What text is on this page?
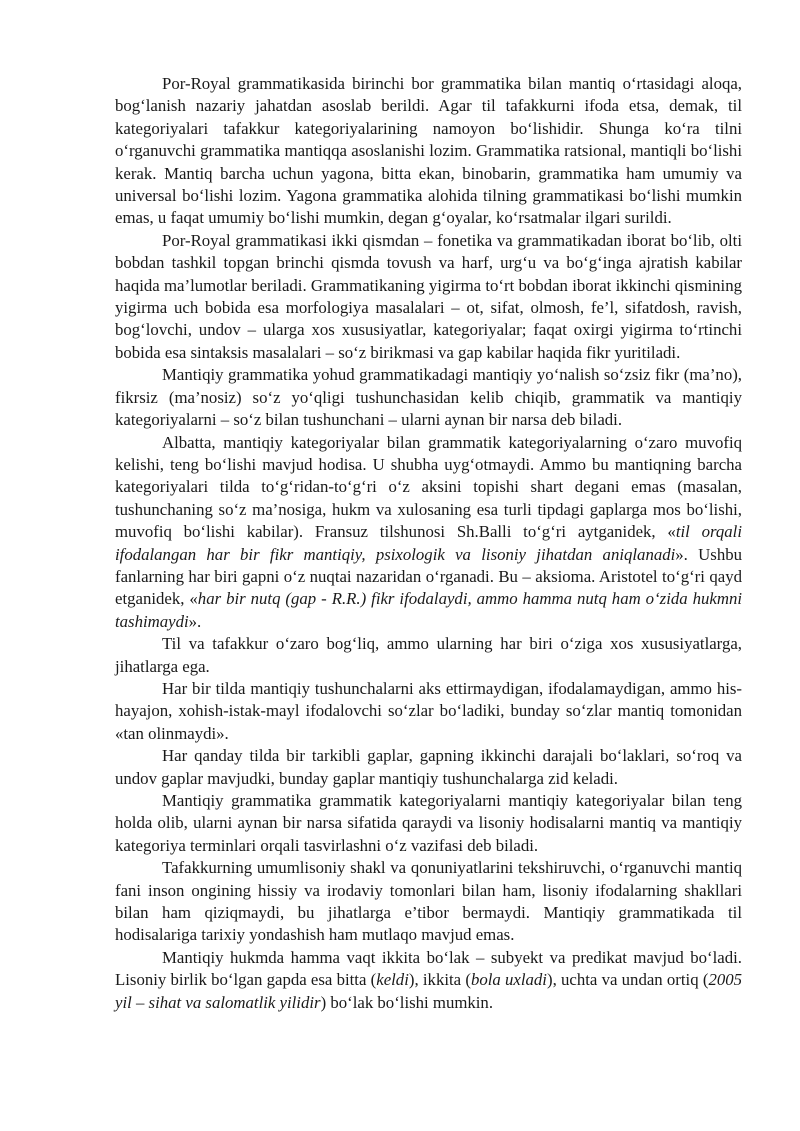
Por-Royal grammatikasida birinchi bor grammatika bilan mantiq o‘rtasidagi aloqa, bog‘lanish nazariy jahatdan asoslab berildi. Agar til tafakkurni ifoda etsa, demak, til kategoriyalari tafakkur kategoriyalarining namoyon bo‘lishidir. Shunga ko‘ra tilni o‘rganuvchi grammatika mantiqqa asoslanishi lozim. Grammatika ratsional, mantiqli bo‘lishi kerak. Mantiq barcha uchun yagona, bitta ekan, binobarin, grammatika ham umumiy va universal bo‘lishi lozim. Yagona grammatika alohida tilning grammatikasi bo‘lishi mumkin emas, u faqat umumiy bo‘lishi mumkin, degan g‘oyalar, ko‘rsatmalar ilgari surildi.

Por-Royal grammatikasi ikki qismdan – fonetika va grammatikadan iborat bo‘lib, olti bobdan tashkil topgan brinchi qismda tovush va harf, urg‘u va bo‘g‘inga ajratish kabilar haqida ma’lumotlar beriladi. Grammatikaning yigirma to‘rt bobdan iborat ikkinchi qismining yigirma uch bobida esa morfologiya masalalari – ot, sifat, olmosh, fe’l, sifatdosh, ravish, bog‘lovchi, undov – ularga xos xususiyatlar, kategoriyalar; faqat oxirgi yigirma to‘rtinchi bobida esa sintaksis masalalari – so‘z birikmasi va gap kabilar haqida fikr yuritiladi.

Mantiqiy grammatika yohud grammatikadagi mantiqiy yo‘nalish so‘zsiz fikr (ma’no), fikrsiz (ma’nosiz) so‘z yo‘qligi tushunchasidan kelib chiqib, grammatik va mantiqiy kategoriyalarni – so‘z bilan tushunchani – ularni aynan bir narsa deb biladi.

Albatta, mantiqiy kategoriyalar bilan grammatik kategoriyalarning o‘zaro muvofiq kelishi, teng bo‘lishi mavjud hodisa. U shubha uyg‘otmaydi. Ammo bu mantiqning barcha kategoriyalari tilda to‘g‘ridan-to‘g‘ri o‘z aksini topishi shart degani emas (masalan, tushunchaning so‘z ma’nosiga, hukm va xulosaning esa turli tipdagi gaplarga mos bo‘lishi, muvofiq bo‘lishi kabilar). Fransuz tilshunosi Sh.Balli to‘g‘ri aytganidek, «til orqali ifodalangan har bir fikr mantiqiy, psixologik va lisoniy jihatdan aniqlanadi». Ushbu fanlarning har biri gapni o‘z nuqtai nazaridan o‘rganadi. Bu – aksioma. Aristotel to‘g‘ri qayd etganidek, «har bir nutq (gap - R.R.) fikr ifodalaydi, ammo hamma nutq ham o‘zida hukmni tashimaydi».

Til va tafakkur o‘zaro bog‘liq, ammo ularning har biri o‘ziga xos xususiyatlarga, jihatlarga ega.

Har bir tilda mantiqiy tushunchalarni aks ettirmaydigan, ifodalamaydigan, ammo his-hayajon, xohish-istak-mayl ifodalovchi so‘zlar bo‘ladiki, bunday so‘zlar mantiq tomonidan «tan olinmaydi».

Har qanday tilda bir tarkibli gaplar, gapning ikkinchi darajali bo‘laklari, so‘roq va undov gaplar mavjudki, bunday gaplar mantiqiy tushunchalarga zid keladi.

Mantiqiy grammatika grammatik kategoriyalarni mantiqiy kategoriyalar bilan teng holda olib, ularni aynan bir narsa sifatida qaraydi va lisoniy hodisalarni mantiq va mantiqiy kategoriya terminlari orqali tasvirlashni o‘z vazifasi deb biladi.

Tafakkurning umumlisoniy shakl va qonuniyatlarini tekshiruvchi, o‘rganuvchi mantiq fani inson ongining hissiy va irodaviy tomonlari bilan ham, lisoniy ifodalarning shakllari bilan ham qiziqmaydi, bu jihatlarga e’tibor bermaydi. Mantiqiy grammatikada til hodisalariga tarixiy yondashish ham mutlaqo mavjud emas.

Mantiqiy hukmda hamma vaqt ikkita bo‘lak – subyekt va predikat mavjud bo‘ladi. Lisoniy birlik bo‘lgan gapda esa bitta (keldi), ikkita (bola uxladi), uchta va undan ortiq (2005 yil – sihat va salomatlik yilidir) bo‘lak bo‘lishi mumkin.
